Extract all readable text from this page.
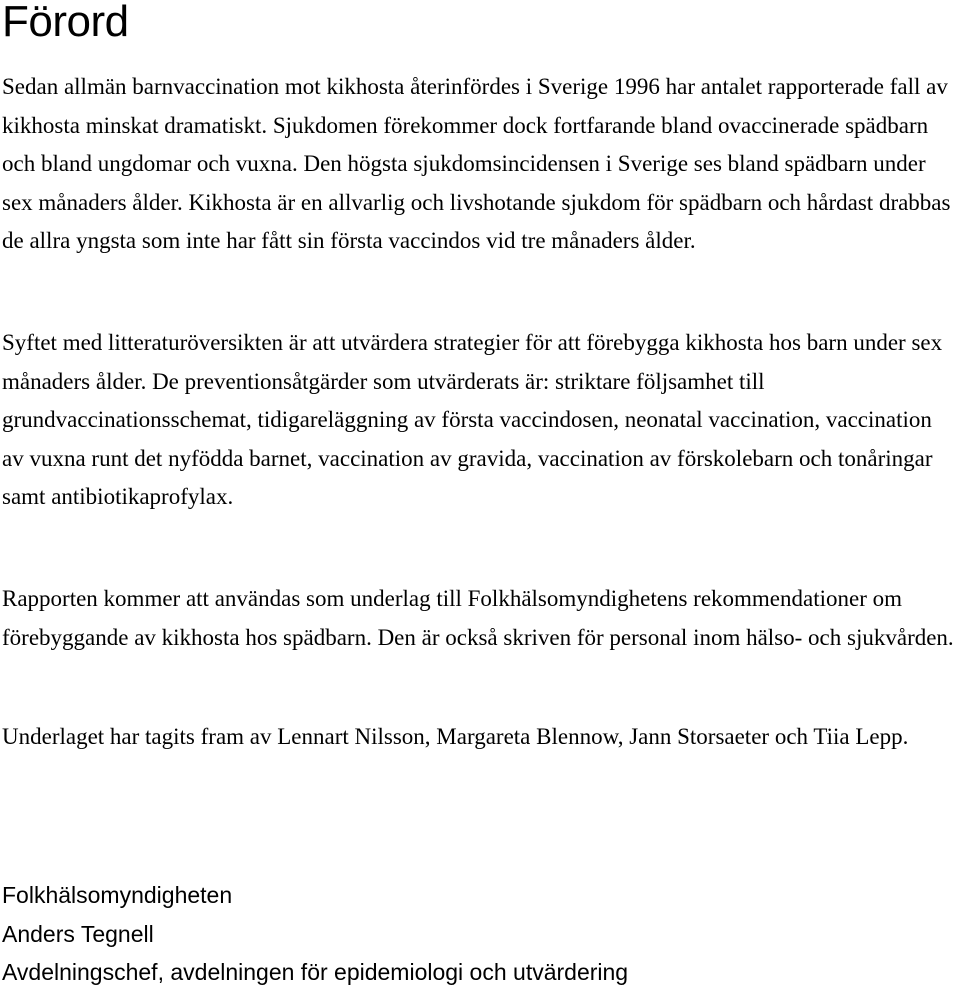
Förord

Sedan allmän barnvaccination mot kikhosta återinfördes i Sverige 1996 har antalet rapporterade fall av kikhosta minskat dramatiskt. Sjukdomen förekommer dock fortfarande bland ovaccinerade spädbarn och bland ungdomar och vuxna. Den högsta sjukdomsincidensen i Sverige ses bland spädbarn under sex månaders ålder. Kikhosta är en allvarlig och livshotande sjukdom för spädbarn och hårdast drabbas de allra yngsta som inte har fått sin första vaccindos vid tre månaders ålder.

Syftet med litteraturöversikten är att utvärdera strategier för att förebygga kikhosta hos barn under sex månaders ålder. De preventionsåtgärder som utvärderats är: striktare följsamhet till grundvaccinationsschemat, tidigareläggning av första vaccindosen, neonatal vaccination, vaccination av vuxna runt det nyfödda barnet, vaccination av gravida, vaccination av förskolebarn och tonåringar samt antibiotikaprofylax.

Rapporten kommer att användas som underlag till Folkhälsomyndighetens rekommendationer om förebyggande av kikhosta hos spädbarn. Den är också skriven för personal inom hälso- och sjukvården.

Underlaget har tagits fram av Lennart Nilsson, Margareta Blennow, Jann Storsaeter och Tiia Lepp.

Folkhälsomyndigheten
Anders Tegnell
Avdelningschef, avdelningen för epidemiologi och utvärdering
